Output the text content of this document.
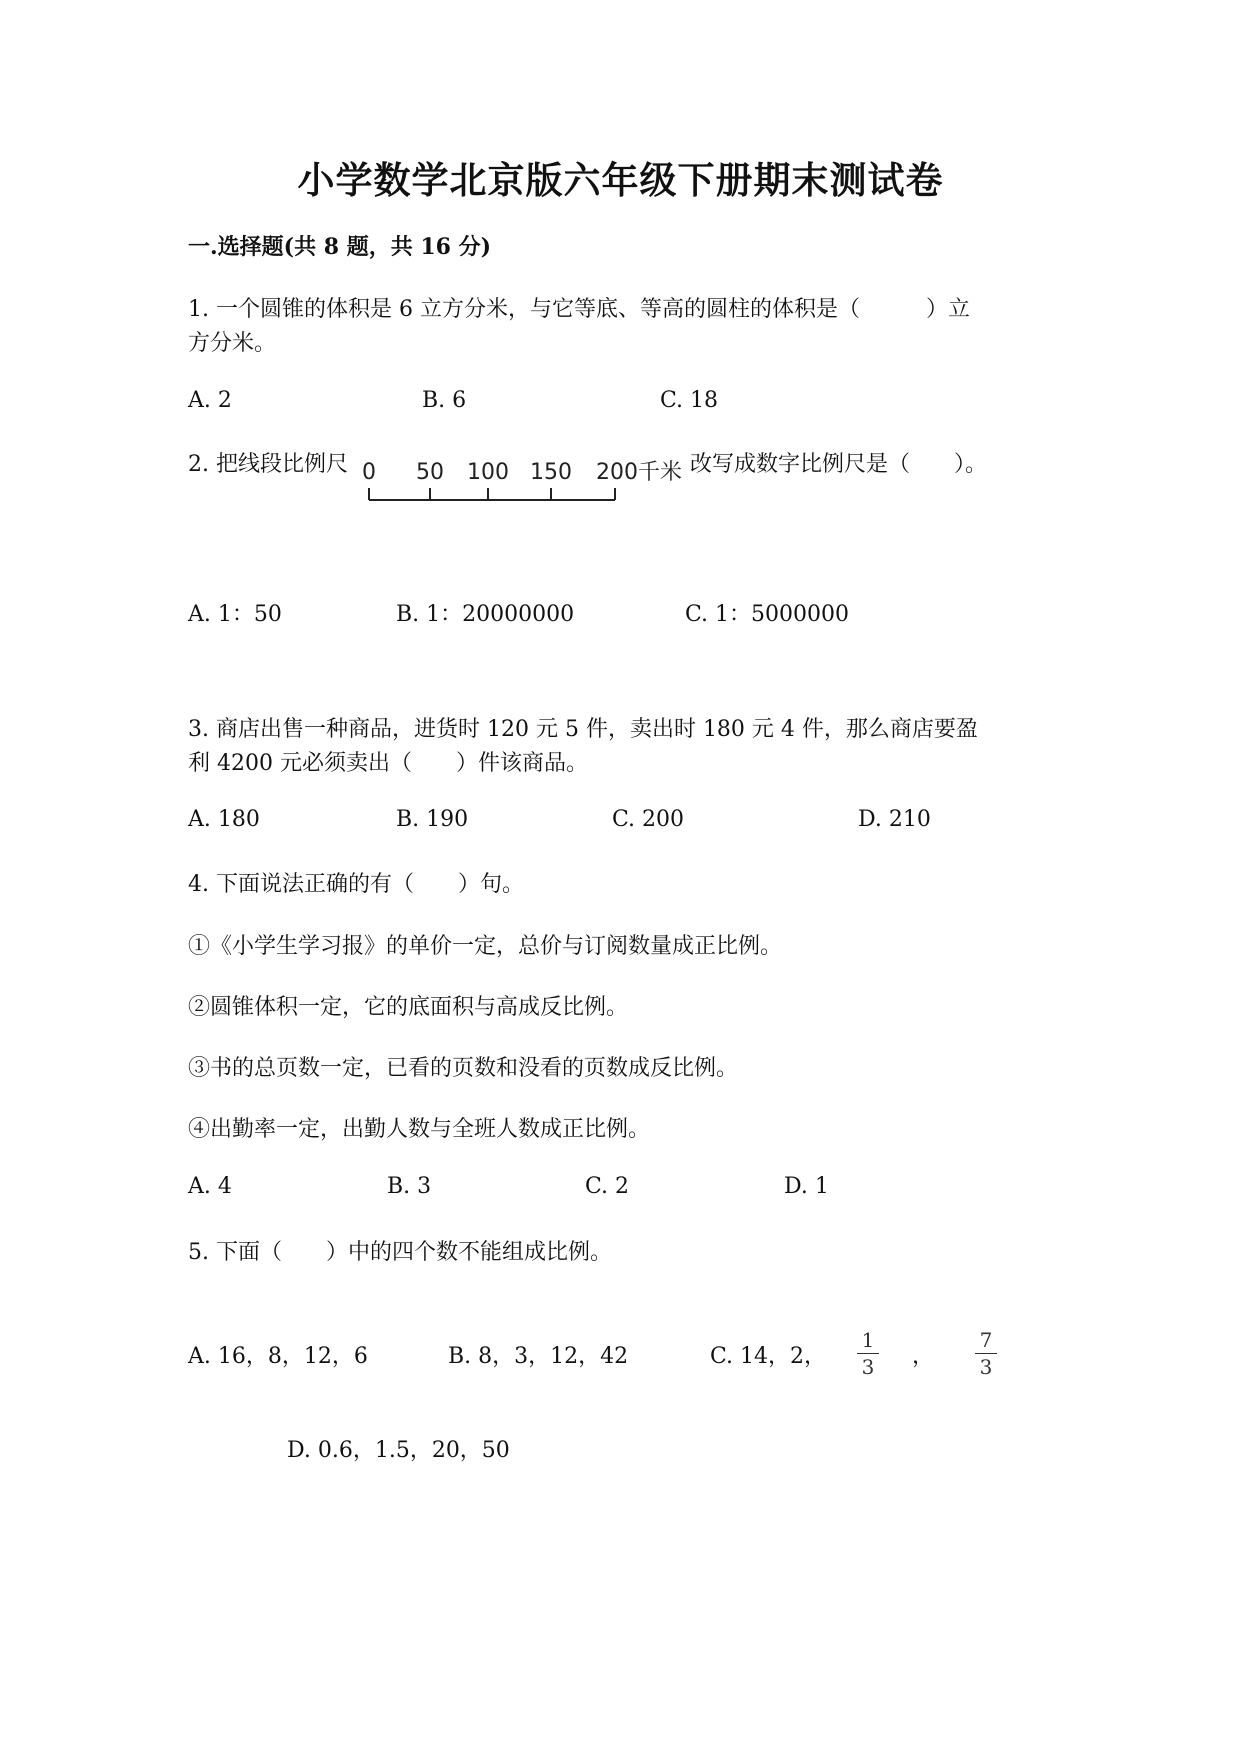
小学数学北京版六年级下册期末测试卷
一.选择题(共 8 题，共 16 分)
1. 一个圆锥的体积是 6 立方分米，与它等底、等高的圆柱的体积是（　　　）立
方分米。
A. 2	B. 6	C. 18
2. 把线段比例尺 0 50 100 150 200千米 改写成数字比例尺是（　　）。
A. 1：50	B. 1：20000000	C. 1：5000000
3. 商店出售一种商品，进货时 120 元 5 件，卖出时 180 元 4 件，那么商店要盈
利 4200 元必须卖出（　　）件该商品。
A. 180	B. 190	C. 200	D. 210
4. 下面说法正确的有（　　）句。
①《小学生学习报》的单价一定，总价与订阅数量成正比例。
②圆锥体积一定，它的底面积与高成反比例。
③书的总页数一定，已看的页数和没看的页数成反比例。
④出勤率一定，出勤人数与全班人数成正比例。
A. 4	B. 3	C. 2	D. 1
5. 下面（　　）中的四个数不能组成比例。
A. 16，8，12，6	B. 8，3，12，42	C. 14，2，
1
3 ，
7
3
D. 0.6，1.5，20，50
